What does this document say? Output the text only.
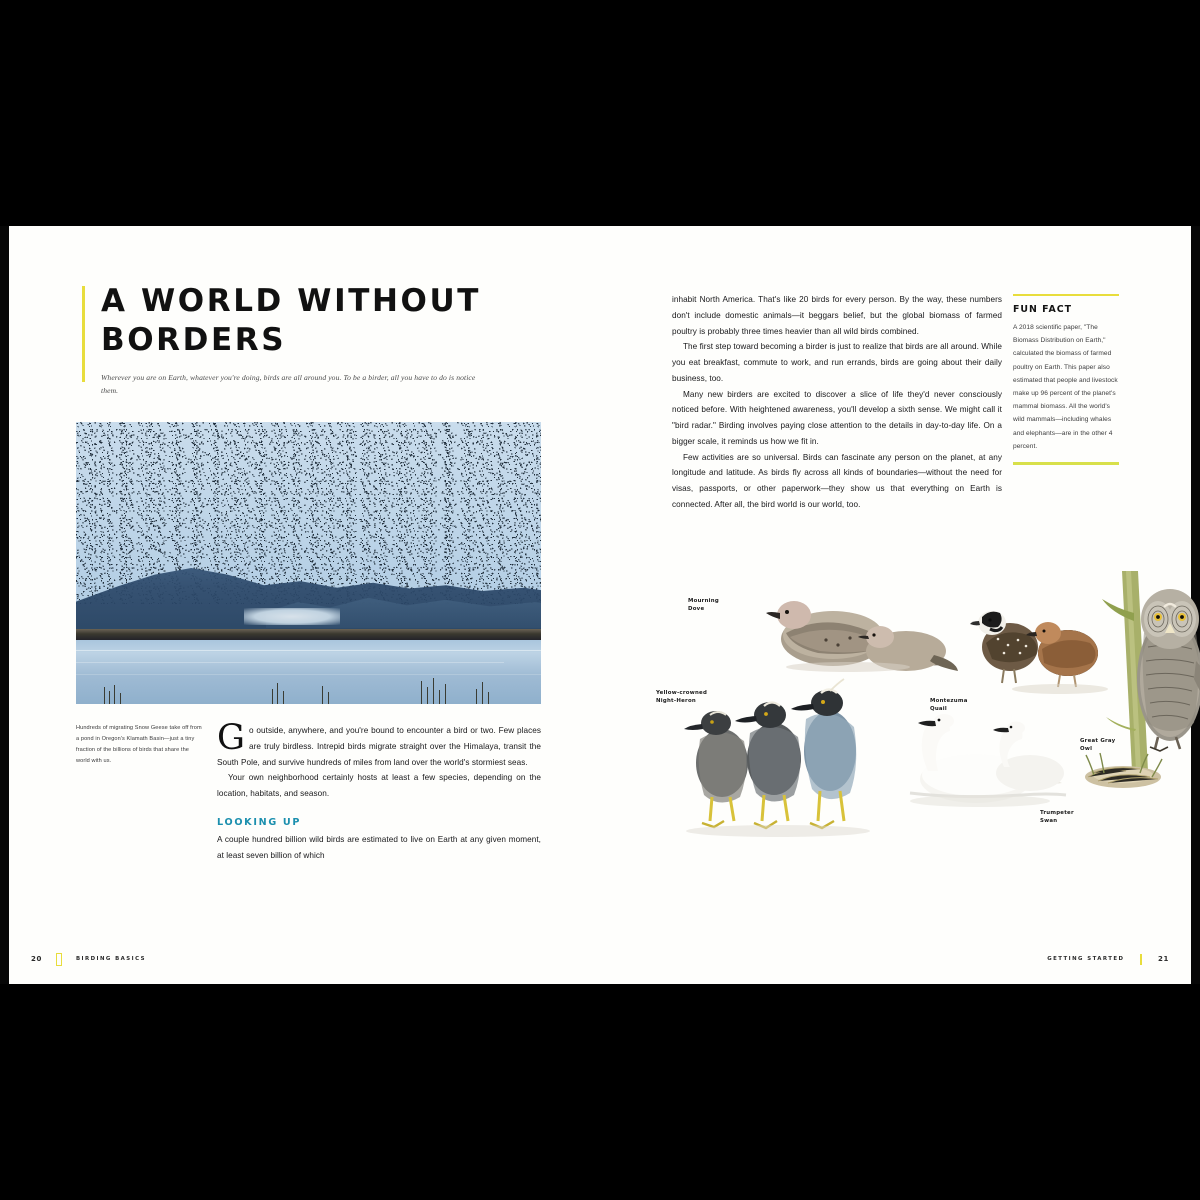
A WORLD WITHOUT BORDERS

Wherever you are on Earth, whatever you're doing, birds are all around you. To be a birder, all you have to do is notice them.

Hundreds of migrating Snow Geese take off from a pond in Oregon's Klamath Basin—just a tiny fraction of the billions of birds that share the world with us.

Go outside, anywhere, and you're bound to encounter a bird or two. Few places are truly birdless. Intrepid birds migrate straight over the Himalaya, transit the South Pole, and survive hundreds of miles from land over the world's stormiest seas.

Your own neighborhood certainly hosts at least a few species, depending on the location, habitats, and season.

LOOKING UP

A couple hundred billion wild birds are estimated to live on Earth at any given moment, at least seven billion of which

20	BIRDING BASICS

inhabit North America. That's like 20 birds for every person. By the way, these numbers don't include domestic animals—it beggars belief, but the global biomass of farmed poultry is probably three times heavier than all wild birds combined.

The first step toward becoming a birder is just to realize that birds are all around. While you eat breakfast, commute to work, and run errands, birds are going about their daily business, too.

Many new birders are excited to discover a slice of life they'd never consciously noticed before. With heightened awareness, you'll develop a sixth sense. We might call it "bird radar." Birding involves paying close attention to the details in day-to-day life. On a bigger scale, it reminds us how we fit in.

Few activities are so universal. Birds can fascinate any person on the planet, at any longitude and latitude. As birds fly across all kinds of boundaries—without the need for visas, passports, or other paperwork—they show us that everything on Earth is connected. After all, the bird world is our world, too.

FUN FACT

A 2018 scientific paper, "The Biomass Distribution on Earth," calculated the biomass of farmed poultry on Earth. This paper also estimated that people and livestock make up 96 percent of the planet's mammal biomass. All the world's wild mammals—including whales and elephants—are in the other 4 percent.

Mourning Dove
Yellow-crowned Night-Heron	Montezuma Quail
Great Gray Owl
Trumpeter Swan
GETTING STARTED	21
